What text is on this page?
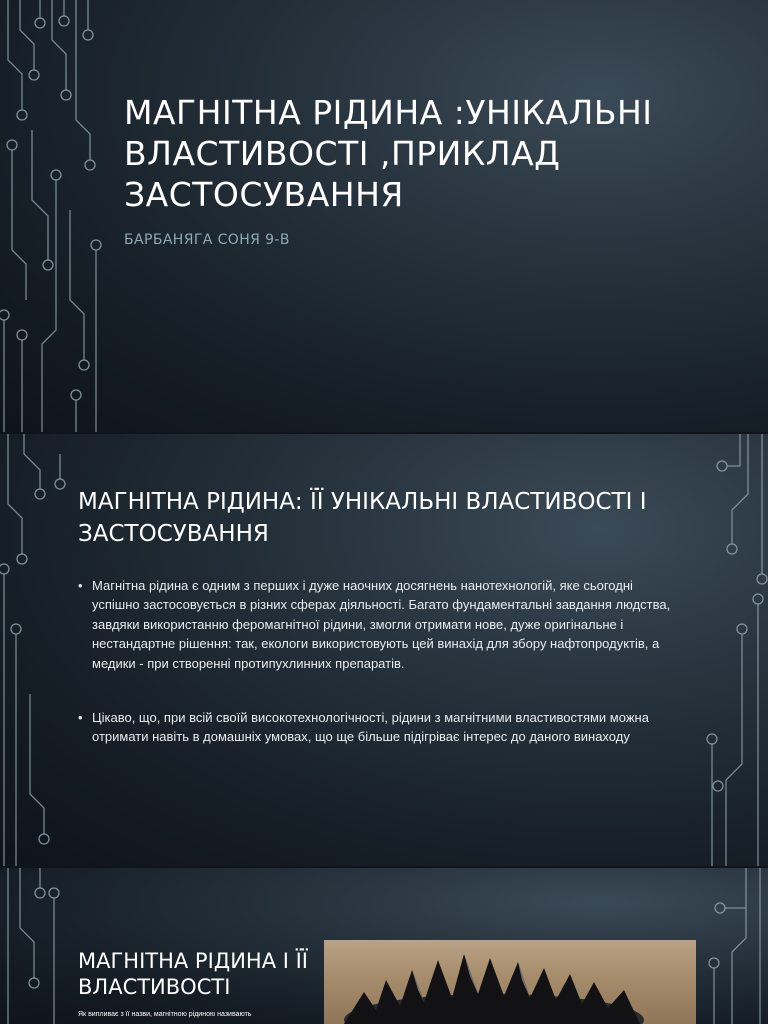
МАГНІТНА РІДИНА :УНІКАЛЬНІ ВЛАСТИВОСТІ ,ПРИКЛАД ЗАСТОСУВАННЯ
БАРБАНЯГА СОНЯ 9-В
МАГНІТНА РІДИНА: ЇЇ УНІКАЛЬНІ ВЛАСТИВОСТІ І ЗАСТОСУВАННЯ
• Магнітна рідина є одним з перших і дуже наочних досягнень нанотехнологій, яке сьогодні успішно застосовується в різних сферах діяльності. Багато фундаментальні завдання людства, завдяки використанню феромагнітної рідини, змогли отримати нове, дуже оригінальне і нестандартне рішення: так, екологи використовують цей винахід для збору нафтопродуктів, а медики - при створенні протипухлинних препаратів.
• Цікаво, що, при всій своїй високотехнологічності, рідини з магнітними властивостями можна отримати навіть в домашніх умовах, що ще більше підігріває інтерес до даного винаходу
МАГНІТНА РІДИНА І ЇЇ ВЛАСТИВОСТІ
Як випливає з її назви, магнітною рідиною називають
